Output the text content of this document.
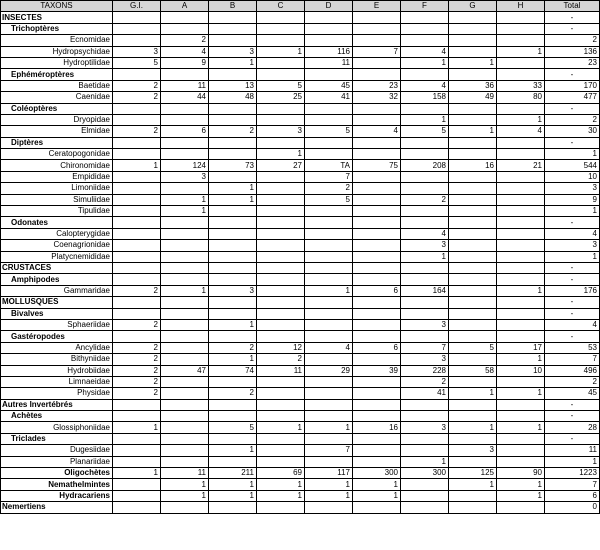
TAXONS	G.I.	A	B	C	D	E	F	G	H	Total
INSECTES										-
Trichoptères										-
Ecnomidae		2								2
Hydropsychidae	3	4	3	1	116	7	4		1	136
Hydroptilidae	5	9	1		11		1	1		23
Ephéméroptères										-
Baetidae	2	11	13	5	45	23	4	36	33	170
Caenidae	2	44	48	25	41	32	158	49	80	477
Coléoptères										-
Dryopidae							1		1	2
Elmidae	2	6	2	3	5	4	5	1	4	30
Diptères										-
Ceratopogonidae				1						1
Chironomidae	1	124	73	27	TA	75	208	16	21	544
Empididae		3			7					10
Limoniidae			1		2					3
Simuliidae		1	1		5		2			9
Tipulidae		1								1
Odonates										-
Calopterygidae							4			4
Coenagrionidae							3			3
Platycnemididae							1			1
CRUSTACES										-
Amphipodes										-
Gammaridae	2	1	3		1	6	164		1	176
MOLLUSQUES										-
Bivalves										-
Sphaeriidae	2		1				3			4
Gastéropodes										-
Ancylidae	2		2	12	4	6	7	5	17	53
Bithyniidae	2		1	2			3		1	7
Hydrobiidae	2	47	74	11	29	39	228	58	10	496
Limnaeidae	2						2			2
Physidae	2		2				41	1	1	45
Autres Invertébrés										-
Achètes										-
Glossiphoniidae	1		5	1	1	16	3	1	1	28
Triclades										-
Dugesiidae			1		7			3		11
Planariidae							1			1
Oligochètes	1	11	211	69	117	300	300	125	90	1223
Nemathelmintes		1	1	1	1	1		1	1	7
Hydracariens		1	1	1	1	1			1	6
Nemertiens										0
